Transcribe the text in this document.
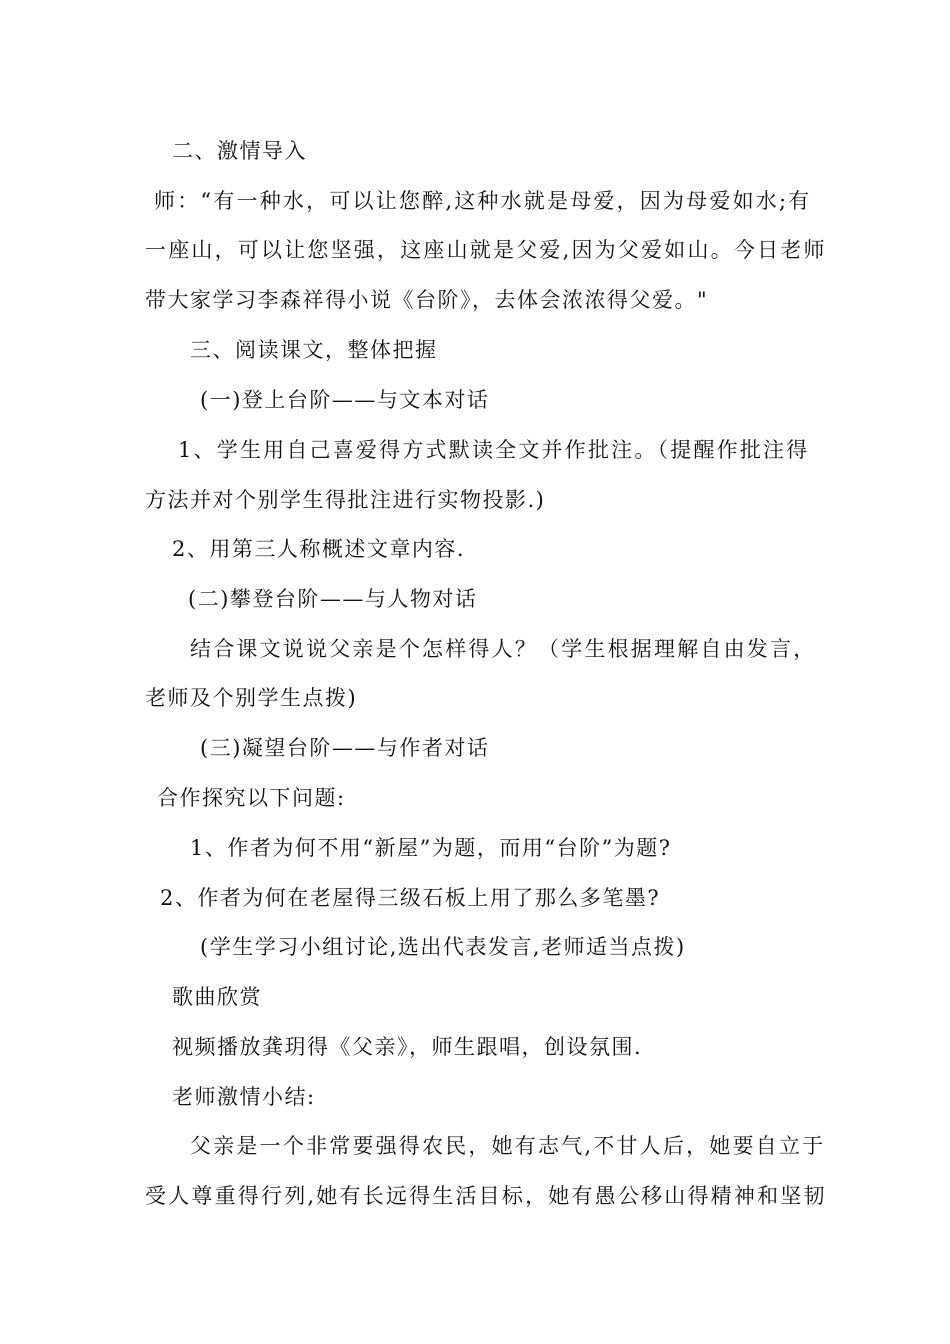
二、激情导入
师：“有一种水，可以让您醉,这种水就是母爱，因为母爱如水;有
一座山，可以让您坚强，这座山就是父爱,因为父爱如山。今日老师
带大家学习李森祥得小说《台阶》，去体会浓浓得父爱。"
三、阅读课文，整体把握
(一)登上台阶——与文本对话
1、学生用自己喜爱得方式默读全文并作批注。（提醒作批注得
方法并对个别学生得批注进行实物投影.)
2、用第三人称概述文章内容.
(二)攀登台阶——与人物对话
结合课文说说父亲是个怎样得人？（学生根据理解自由发言，
老师及个别学生点拨)
(三)凝望台阶——与作者对话
合作探究以下问题:
1、作者为何不用“新屋”为题，而用“台阶”为题?
2、作者为何在老屋得三级石板上用了那么多笔墨?
(学生学习小组讨论,选出代表发言,老师适当点拨)
歌曲欣赏
视频播放龚玥得《父亲》，师生跟唱，创设氛围.
老师激情小结:
父亲是一个非常要强得农民，她有志气,不甘人后，她要自立于
受人尊重得行列,她有长远得生活目标，她有愚公移山得精神和坚韧
